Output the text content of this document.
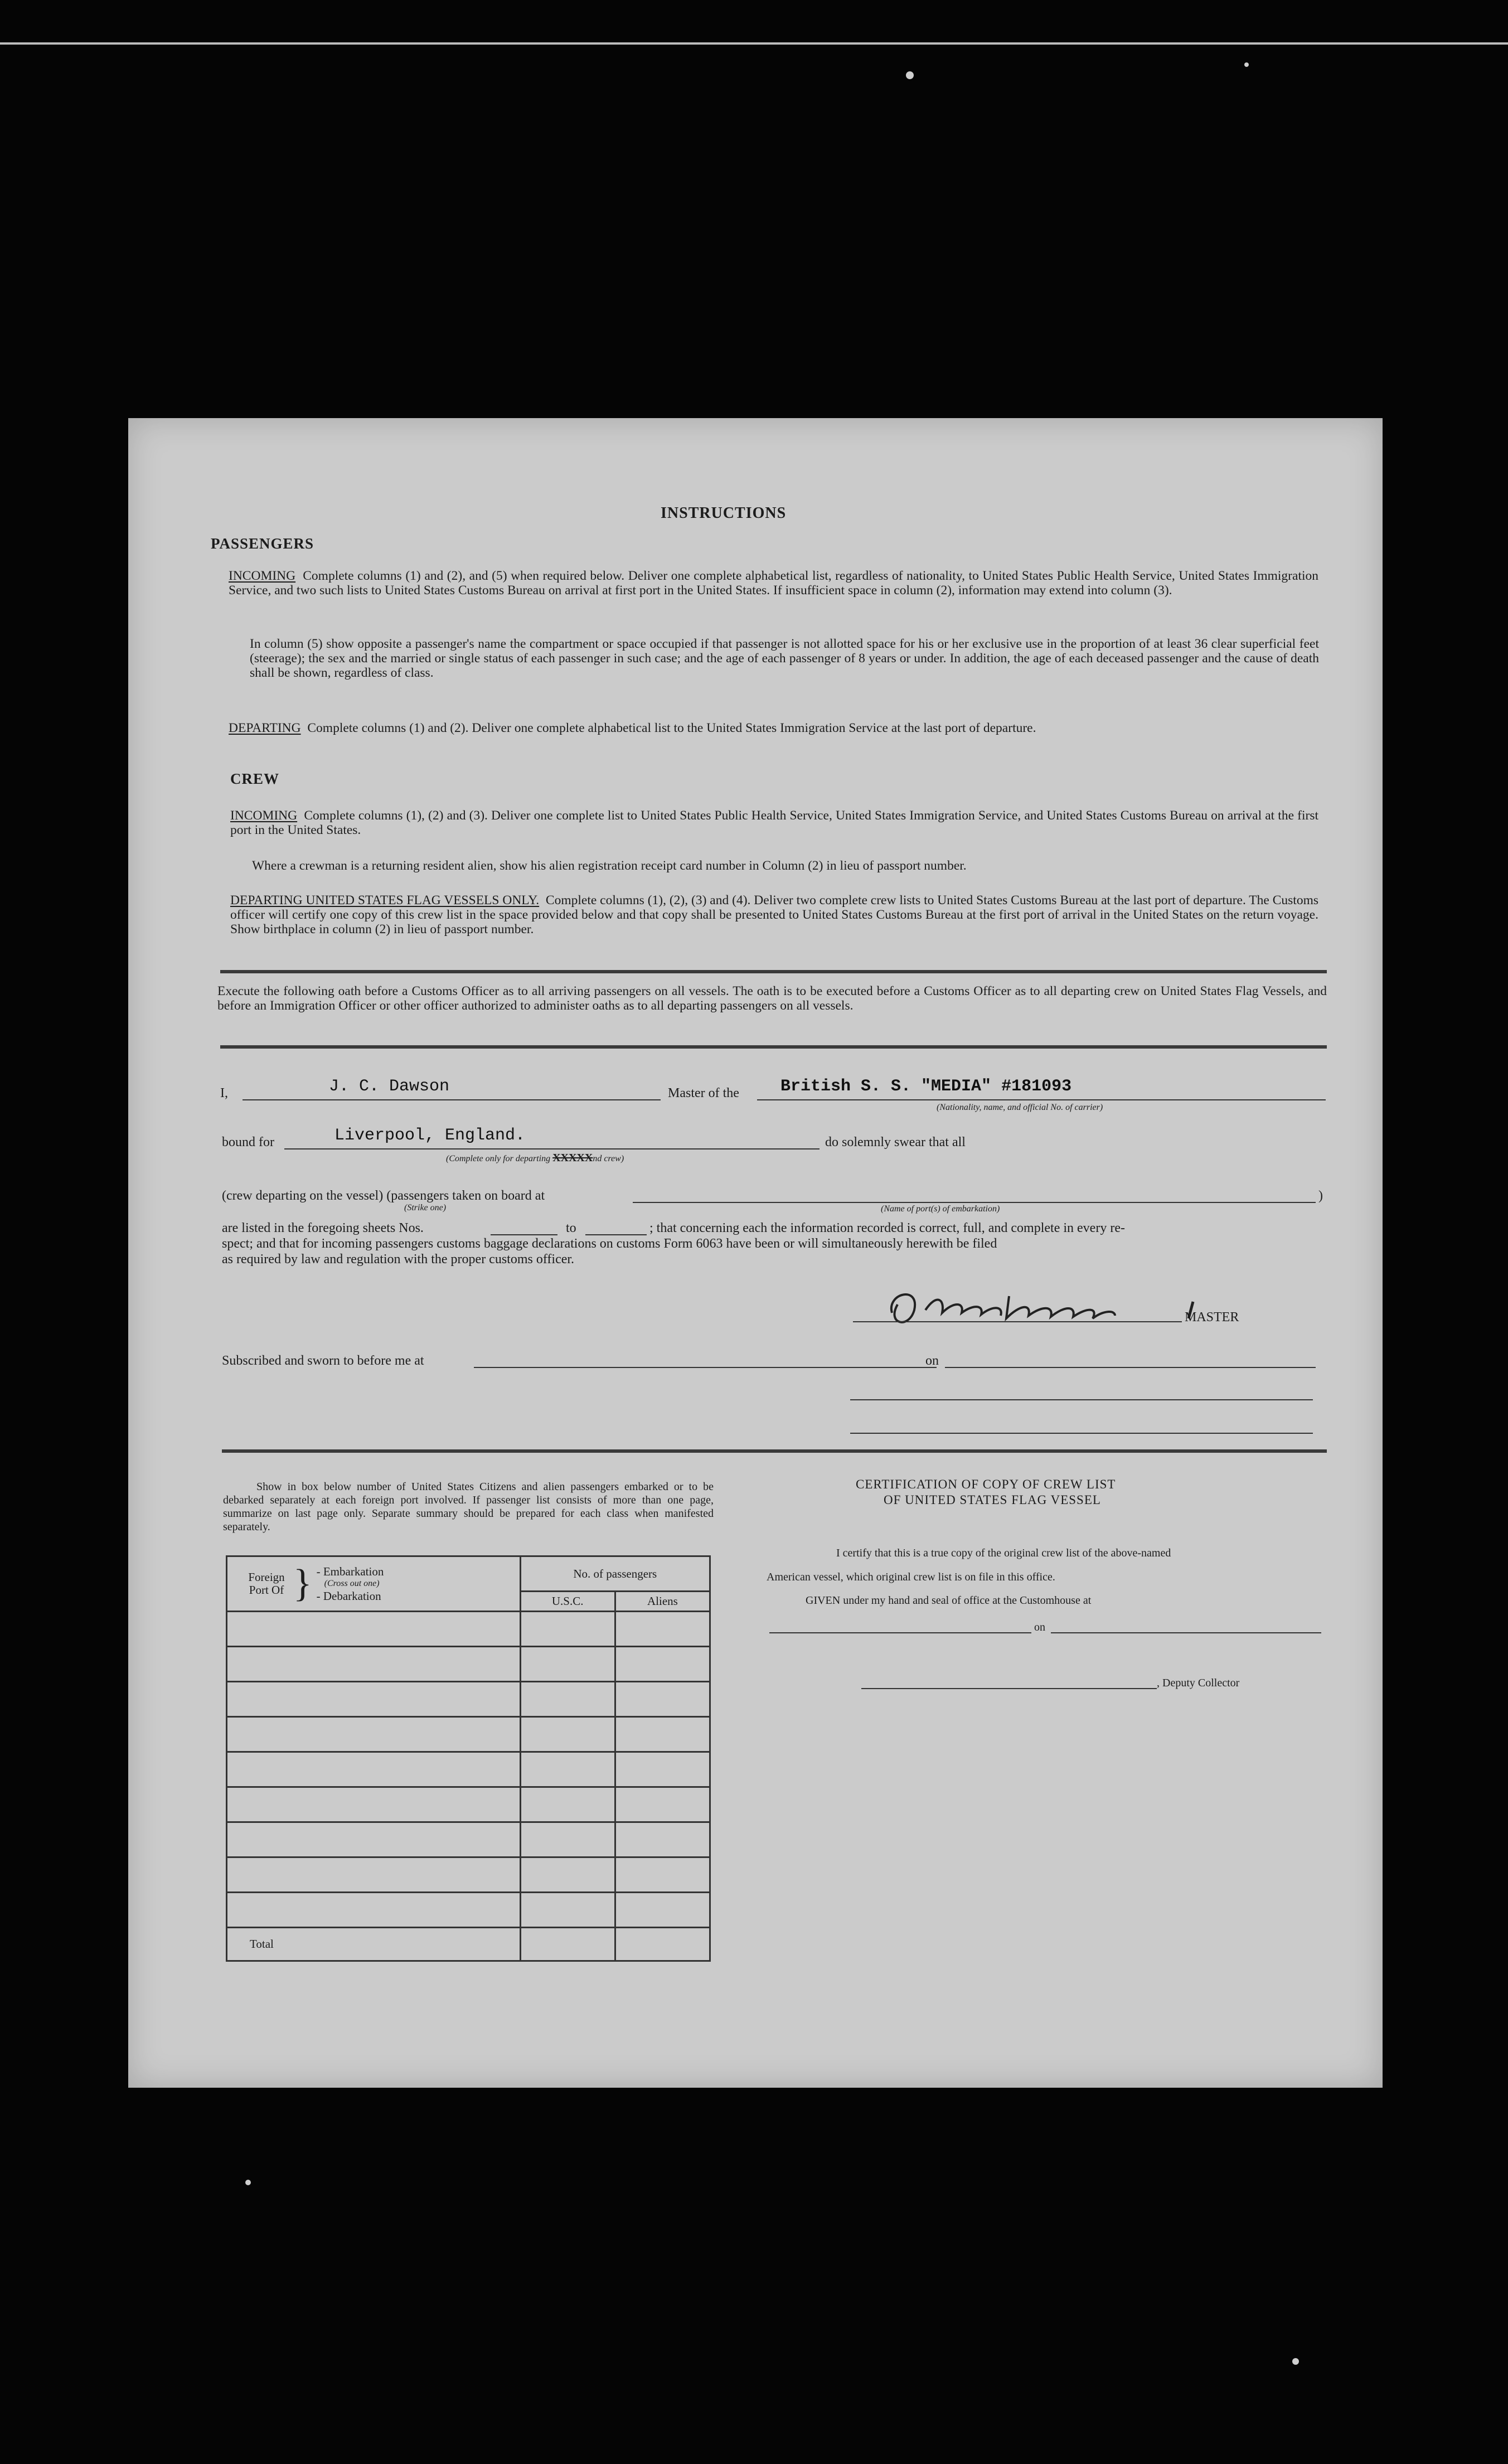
INSTRUCTIONS
PASSENGERS
INCOMING Complete columns (1) and (2), and (5) when required below. Deliver one complete alphabetical list, regardless of nationality, to United States Public Health Service, United States Immigration Service, and two such lists to United States Customs Bureau on arrival at first port in the United States. If insufficient space in column (2), information may extend into column (3).
In column (5) show opposite a passenger's name the compartment or space occupied if that passenger is not allotted space for his or her exclusive use in the proportion of at least 36 clear superficial feet (steerage); the sex and the married or single status of each passenger in such case; and the age of each passenger of 8 years or under. In addition, the age of each deceased passenger and the cause of death shall be shown, regardless of class.
DEPARTING Complete columns (1) and (2). Deliver one complete alphabetical list to the United States Immigration Service at the last port of departure.
CREW
INCOMING Complete columns (1), (2) and (3). Deliver one complete list to United States Public Health Service, United States Immigration Service, and United States Customs Bureau on arrival at the first port in the United States.
Where a crewman is a returning resident alien, show his alien registration receipt card number in Column (2) in lieu of passport number.
DEPARTING UNITED STATES FLAG VESSELS ONLY. Complete columns (1), (2), (3) and (4). Deliver two complete crew lists to United States Customs Bureau at the last port of departure. The Customs officer will certify one copy of this crew list in the space provided below and that copy shall be presented to United States Customs Bureau at the first port of arrival in the United States on the return voyage. Show birthplace in column (2) in lieu of passport number.
Execute the following oath before a Customs Officer as to all arriving passengers on all vessels. The oath is to be executed before a Customs Officer as to all departing crew on United States Flag Vessels, and before an Immigration Officer or other officer authorized to administer oaths as to all departing passengers on all vessels.
I,	J. C. Dawson	Master of the British S. S. "MEDIA" #181093
(Nationality, name, and official No. of carrier)
bound for	Liverpool, England.
(Complete only for departing XXXXXnd crew)
do solemnly swear that all
(crew departing on the vessel) (passengers taken on board at	)
(Strike one)	(Name of port(s) of embarkation)
are listed in the foregoing sheets Nos.	to	; that concerning each the information recorded is correct, full, and complete in every re-
spect; and that for incoming passengers customs baggage declarations on customs Form 6063 have been or will simultaneously herewith be filed
as required by law and regulation with the proper customs officer.
MASTER
Subscribed and sworn to before me at	on
Show in box below number of United States Citizens and alien passengers embarked or to be debarked separately at each foreign port involved. If passenger list consists of more than one page, summarize on last page only. Separate summary should be prepared for each class when manifested separately.
Foreign Port Of } - Embarkation
(Cross out one)
- Debarkation	No. of passengers	
	U.S.C.	Aliens

Total		
CERTIFICATION OF COPY OF CREW LIST
OF UNITED STATES FLAG VESSEL
I certify that this is a true copy of the original crew list of the above-named
American vessel, which original crew list is on file in this office.
GIVEN under my hand and seal of office at the Customhouse at
on
, Deputy Collector
